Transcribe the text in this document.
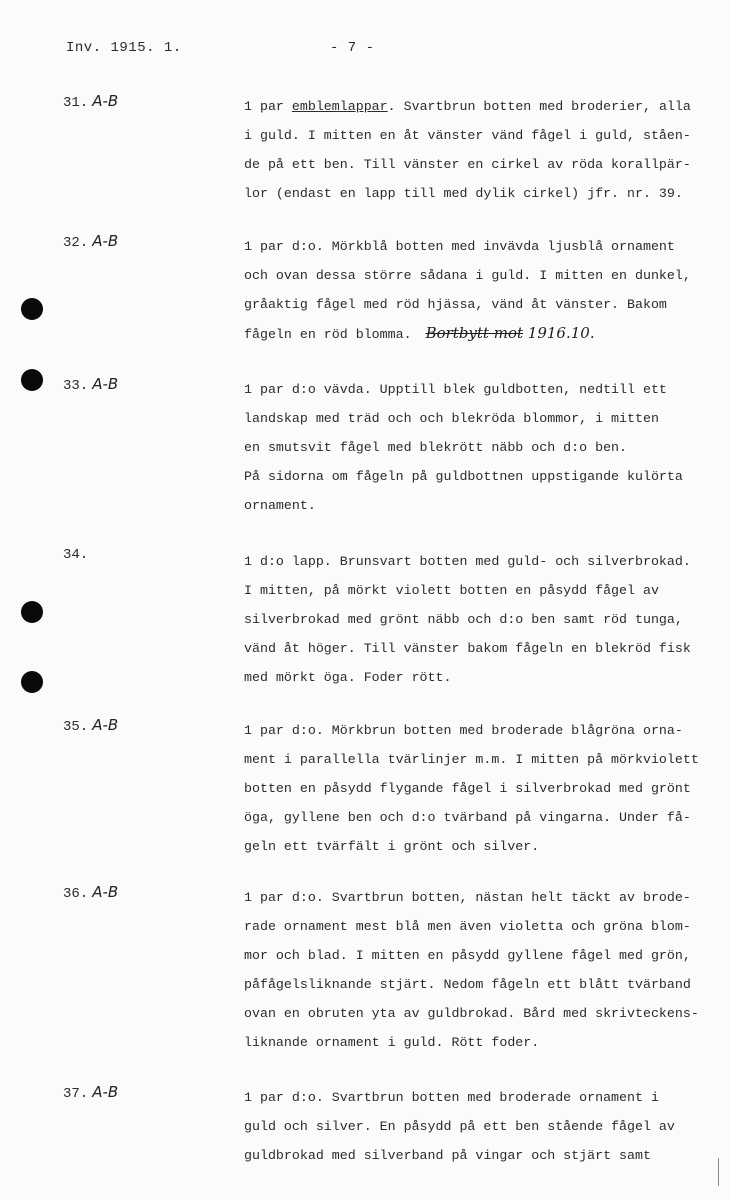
Inv. 1915. 1.	- 7 -
31. A-B	1 par emblemlappar. Svartbrun botten med broderier, alla
i guld. I mitten en åt vänster vänd fågel i guld, ståen-
de på ett ben. Till vänster en cirkel av röda korallpär-
lor (endast en lapp till med dylik cirkel) jfr. nr. 39.
32. A-B	1 par d:o. Mörkblå botten med invävda ljusblå ornament
och ovan dessa större sådana i guld. I mitten en dunkel,
gråaktig fågel med röd hjässa, vänd åt vänster. Bakom
fågeln en röd blomma. Bortbytt mot 1916.10.
33. A-B	1 par d:o vävda. Upptill blek guldbotten, nedtill ett
landskap med träd och och blekröda blommor, i mitten
en smutsvit fågel med blekrött näbb och d:o ben.
På sidorna om fågeln på guldbottnen uppstigande kulörta
ornament.
34.	1 d:o lapp. Brunsvart botten med guld- och silverbrokad.
I mitten, på mörkt violett botten en påsydd fågel av
silverbrokad med grönt näbb och d:o ben samt röd tunga,
vänd åt höger. Till vänster bakom fågeln en blekröd fisk
med mörkt öga. Foder rött.
35. A-B	1 par d:o. Mörkbrun botten med broderade blågröna orna-
ment i parallella tvärlinjer m.m. I mitten på mörkviolett
botten en påsydd flygande fågel i silverbrokad med grönt
öga, gyllene ben och d:o tvärband på vingarna. Under få-
geln ett tvärfält i grönt och silver.
36. A-B	1 par d:o. Svartbrun botten, nästan helt täckt av brode-
rade ornament mest blå men även violetta och gröna blom-
mor och blad. I mitten en påsydd gyllene fågel med grön,
påfågelsliknande stjärt. Nedom fågeln ett blått tvärband
ovan en obruten yta av guldbrokad. Bård med skrivteckens-
liknande ornament i guld. Rött foder.
37. A-B	1 par d:o. Svartbrun botten med broderade ornament i
guld och silver. En påsydd på ett ben stående fågel av
guldbrokad med silverband på vingar och stjärt samt
